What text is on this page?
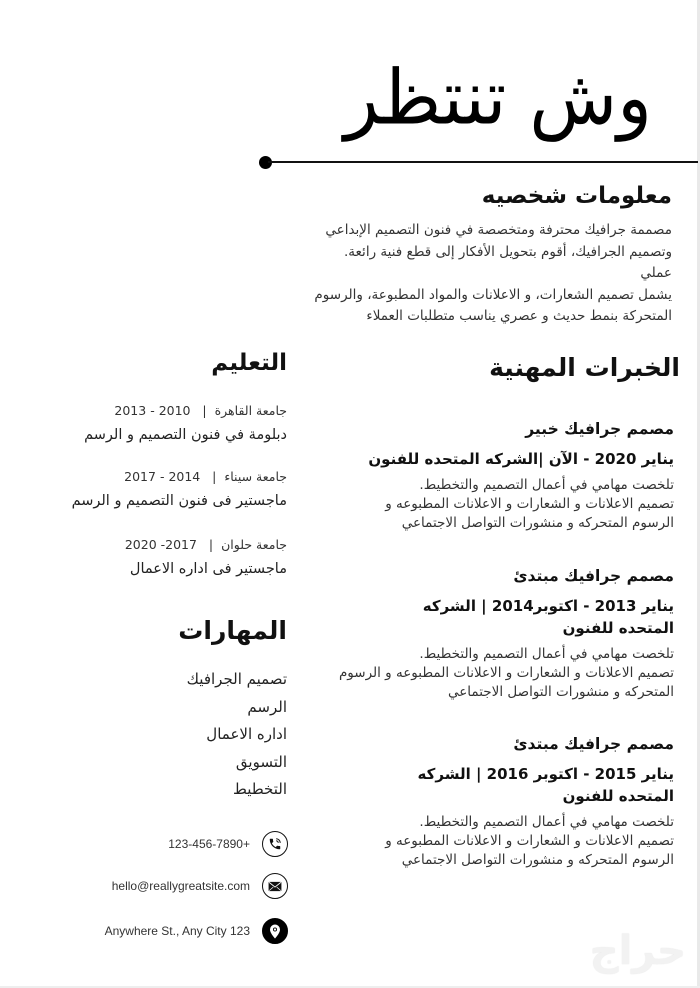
وش تنتظر
معلومات شخصيه
مصممة جرافيك محترفة ومتخصصة في فنون التصميم الإبداعي
وتصميم الجرافيك، أقوم بتحويل الأفكار إلى قطع فنية رائعة. عملي
يشمل تصميم الشعارات، و الاعلانات والمواد المطبوعة، والرسوم
المتحركة بنمط حديث و عصري يناسب متطلبات العملاء
الخبرات المهنية
مصمم جرافيك خبير
يناير 2020 - الآن |الشركه المتحده للفنون
تلخصت مهامي في أعمال التصميم والتخطيط.
تصميم الاعلانات و الشعارات و الاعلانات المطبوعه و
الرسوم المتحركه و منشورات التواصل الاجتماعي
مصمم جرافيك مبتدئ
يناير 2013 - اكتوبر2014 | الشركه المتحده للفنون
تلخصت مهامي في أعمال التصميم والتخطيط.
تصميم الاعلانات و الشعارات و الاعلانات المطبوعه و الرسوم
المتحركه و منشورات التواصل الاجتماعي
مصمم جرافيك مبتدئ
يناير 2015 - اكتوبر 2016 | الشركه المتحده للفنون
تلخصت مهامي في أعمال التصميم والتخطيط.
تصميم الاعلانات و الشعارات و الاعلانات المطبوعه و
الرسوم المتحركه و منشورات التواصل الاجتماعي
التعليم
جامعة القاهرة  |   2010 - 2013
دبلومة في فنون التصميم و الرسم
جامعة سيناء  |   2014 - 2017
ماجستير فى فنون التصميم و الرسم
جامعة حلوان  |   2017- 2020
ماجستير فى اداره الاعمال
المهارات
تصميم الجرافيك
الرسم
اداره الاعمال
التسويق
التخطيط
123-456-7890+
hello@reallygreatsite.com
Anywhere St., Any City 123	حراج
